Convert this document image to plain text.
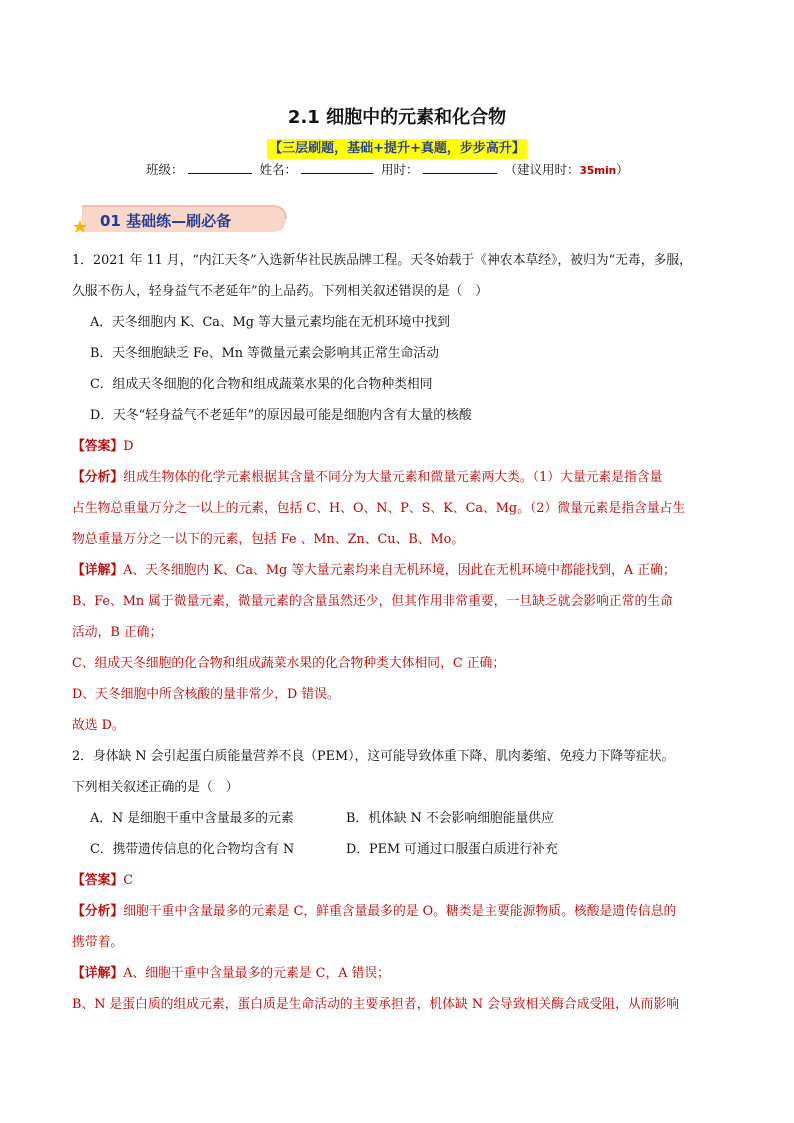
2.1 细胞中的元素和化合物
【三层刷题，基础+提升+真题，步步高升】
班级：	姓名：	用时：	（建议用时：35min）
01 基础练—刷必备
1．2021 年 11 月，“内江天冬”入选新华社民族品牌工程。天冬始载于《神农本草经》，被归为“无毒，多服，
久服不伤人，轻身益气不老延年”的上品药。下列相关叙述错误的是（　）
A．天冬细胞内 K、Ca、Mg 等大量元素均能在无机环境中找到
B．天冬细胞缺乏 Fe、Mn 等微量元素会影响其正常生命活动
C．组成天冬细胞的化合物和组成蔬菜水果的化合物种类相同
D．天冬“轻身益气不老延年”的原因最可能是细胞内含有大量的核酸
【答案】D
【分析】组成生物体的化学元素根据其含量不同分为大量元素和微量元素两大类。（1）大量元素是指含量
占生物总重量万分之一以上的元素，包括 C、H、O、N、P、S、K、Ca、Mg。（2）微量元素是指含量占生
物总重量万分之一以下的元素，包括 Fe 、Mn、Zn、Cu、B、Mo。
【详解】A、天冬细胞内 K、Ca、Mg 等大量元素均来自无机环境，因此在无机环境中都能找到，A 正确；
B、Fe、Mn 属于微量元素，微量元素的含量虽然还少，但其作用非常重要，一旦缺乏就会影响正常的生命
活动，B 正确；
C、组成天冬细胞的化合物和组成蔬菜水果的化合物种类大体相同，C 正确；
D、天冬细胞中所含核酸的量非常少，D 错误。
故选 D。
2．身体缺 N 会引起蛋白质能量营养不良（PEM），这可能导致体重下降、肌肉萎缩、免疫力下降等症状。
下列相关叙述正确的是（　）
A．N 是细胞干重中含量最多的元素	B．机体缺 N 不会影响细胞能量供应
C．携带遗传信息的化合物均含有 N	D．PEM 可通过口服蛋白质进行补充
【答案】C
【分析】细胞干重中含量最多的元素是 C，鲜重含量最多的是 O。糖类是主要能源物质。核酸是遗传信息的
携带着。
【详解】A、细胞干重中含量最多的元素是 C，A 错误；
B、N 是蛋白质的组成元素，蛋白质是生命活动的主要承担者，机体缺 N 会导致相关酶合成受阻，从而影响
